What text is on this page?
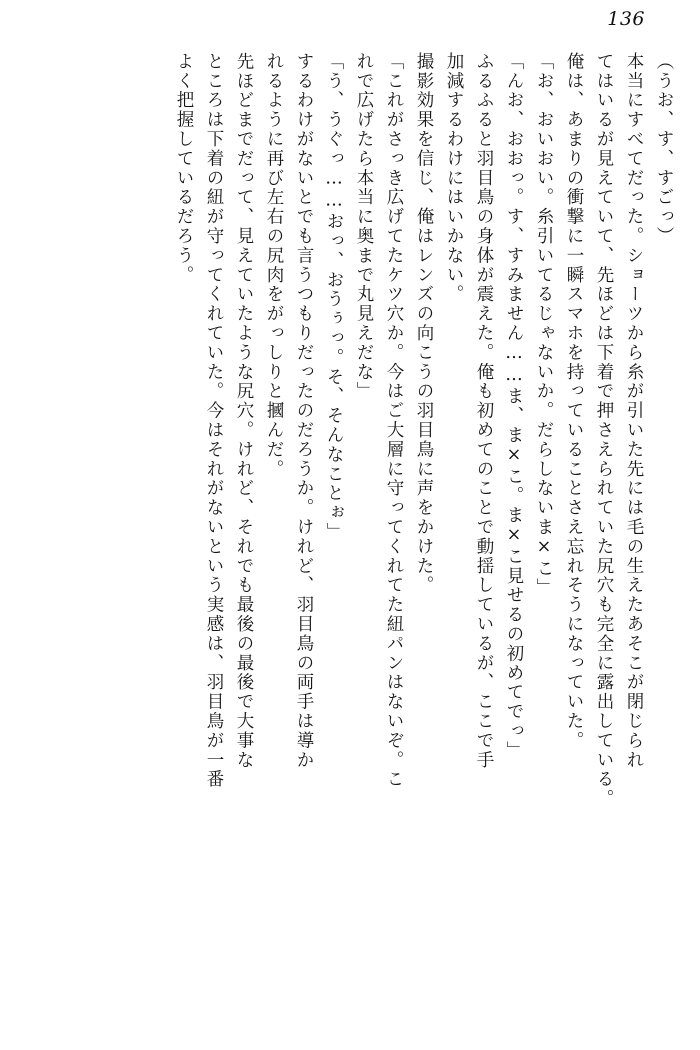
136
（うお、す、すごっ）
本当にすべてだった。ショーツから糸が引いた先には毛の生えたあそこが閉じられ
てはいるが見えていて、先ほどは下着で押さえられていた尻穴も完全に露出している。
俺は、あまりの衝撃に一瞬スマホを持っていることさえ忘れそうになっていた。
「お、おいおい。糸引いてるじゃないか。だらしないま×こ」
「んお、おおっ。す、すみません……ま、ま×こ。ま×こ見せるの初めてでっ」
ふるふると羽目鳥の身体が震えた。俺も初めてのことで動揺しているが、ここで手
加減するわけにはいかない。
撮影効果を信じ、俺はレンズの向こうの羽目鳥に声をかけた。
「これがさっき広げてたケツ穴か。今はご大層に守ってくれてた紐パンはないぞ。こ
れで広げたら本当に奥まで丸見えだな」
「う、うぐっ……おっ、おうぅっ。そ、そんなことぉ」
するわけがないとでも言うつもりだったのだろうか。けれど、羽目鳥の両手は導か
れるように再び左右の尻肉をがっしりと摑んだ。
先ほどまでだって、見えていたような尻穴。けれど、それでも最後の最後で大事な
ところは下着の紐が守ってくれていた。今はそれがないという実感は、羽目鳥が一番
よく把握しているだろう。
